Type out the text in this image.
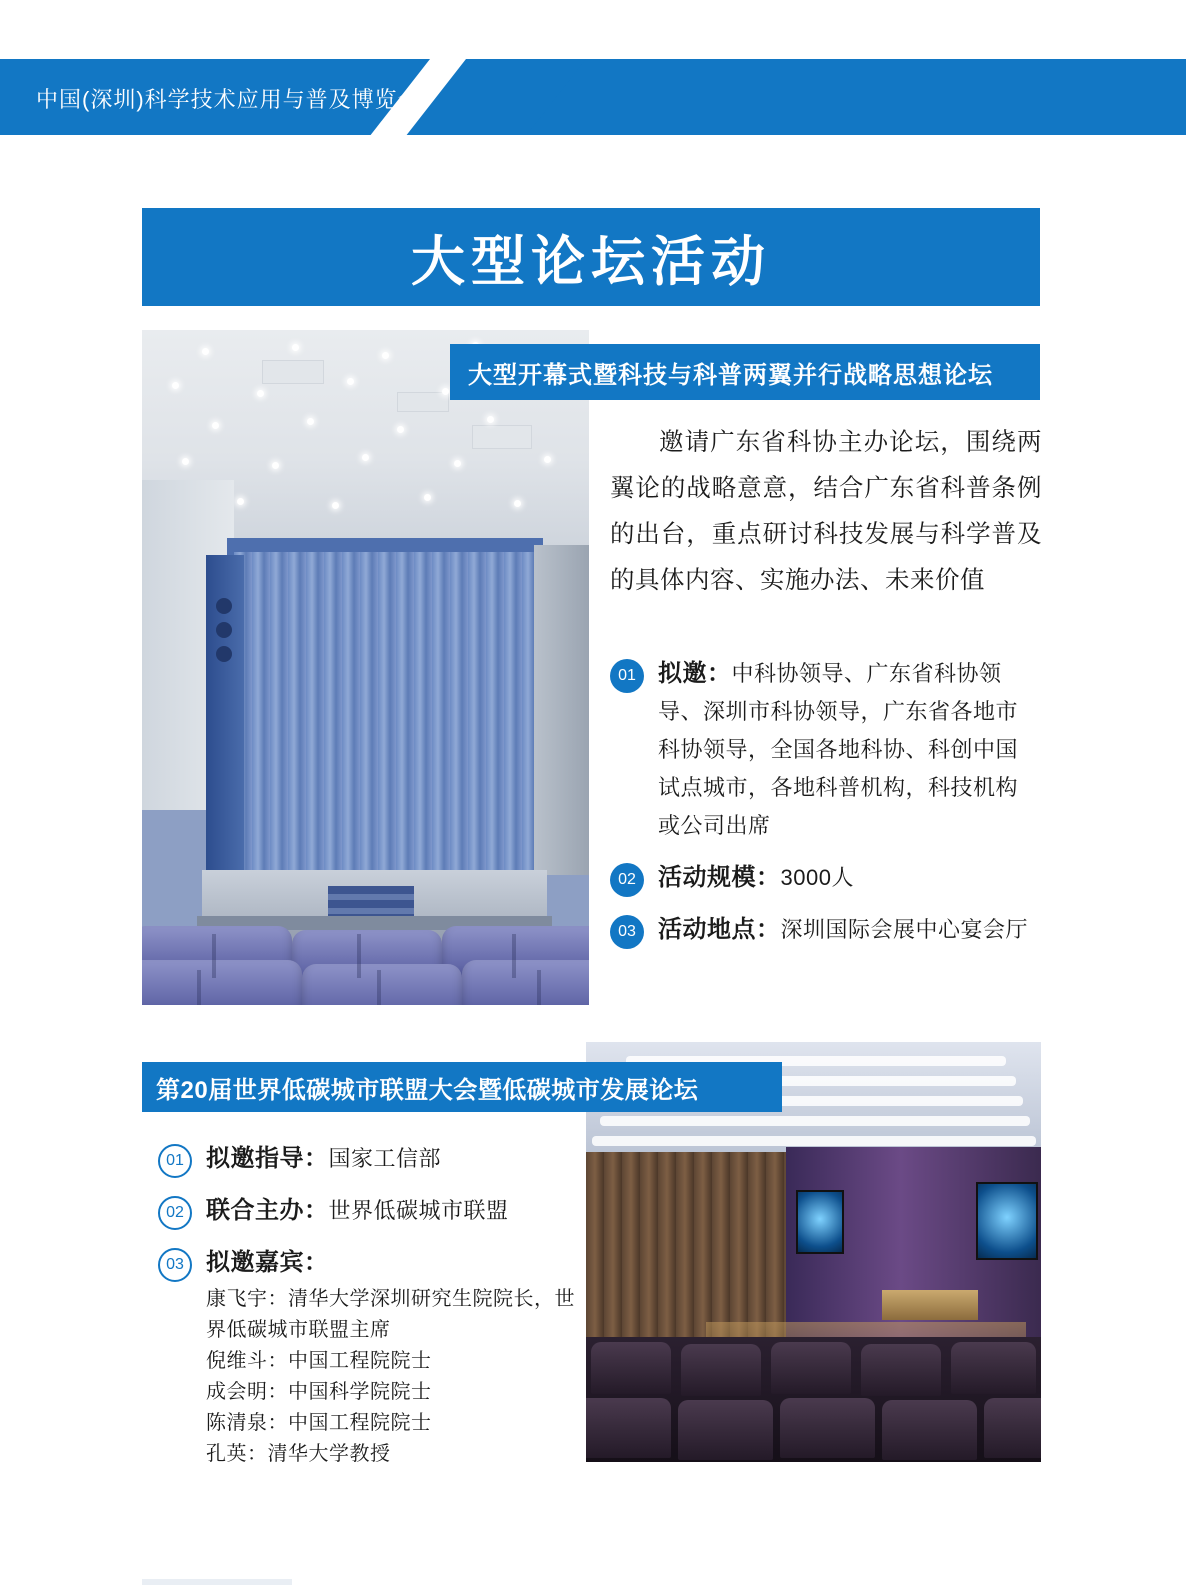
中国(深圳)科学技术应用与普及博览会
大型论坛活动
大型开幕式暨科技与科普两翼并行战略思想论坛
邀请广东省科协主办论坛，围绕两翼论的战略意意，结合广东省科普条例的出台，重点研讨科技发展与科学普及的具体内容、实施办法、未来价值
01 拟邀：中科协领导、广东省科协领导、深圳市科协领导，广东省各地市科协领导，全国各地科协、科创中国试点城市，各地科普机构，科技机构或公司出席
02 活动规模：3000人
03 活动地点：深圳国际会展中心宴会厅
第20届世界低碳城市联盟大会暨低碳城市发展论坛
01 拟邀指导：国家工信部
02 联合主办：世界低碳城市联盟
03 拟邀嘉宾：
康飞宇：清华大学深圳研究生院院长，世界低碳城市联盟主席
倪维斗：中国工程院院士
成会明：中国科学院院士
陈清泉：中国工程院院士
孔英：清华大学教授
